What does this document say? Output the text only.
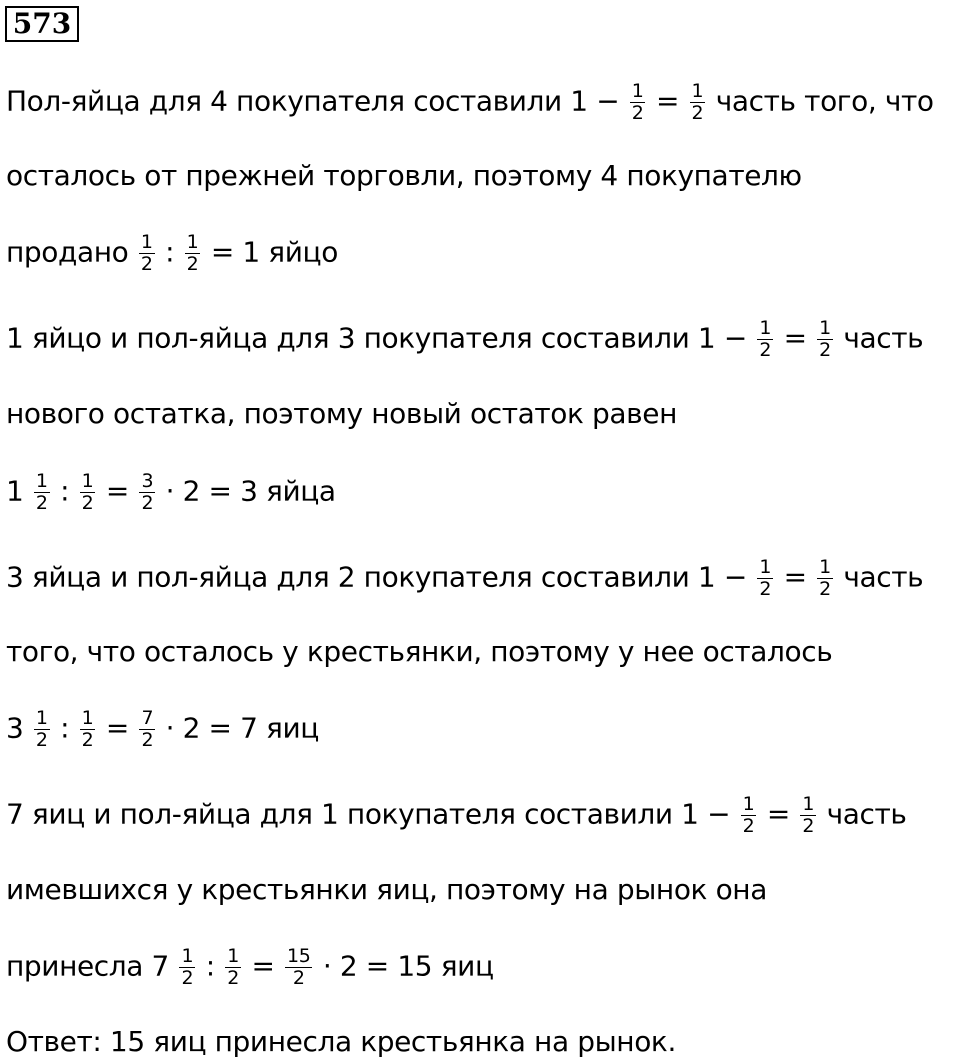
573
Пол-яйца для 4 покупателя составили $1 - \frac{1}{2} = \frac{1}{2}$ часть того, что
осталось от прежней торговли, поэтому 4 покупателю
продано $\frac{1}{2}$ : $\frac{1}{2} = 1$ яйцо
1 яйцо и пол-яйца для 3 покупателя составили $1 - \frac{1}{2} = \frac{1}{2}$ часть
нового остатка, поэтому новый остаток равен
$1 \frac{1}{2}$ : $\frac{1}{2} = \frac{3}{2} \cdot 2 = 3$ яйца
3 яйца и пол-яйца для 2 покупателя составили $1 - \frac{1}{2} = \frac{1}{2}$ часть
того, что осталось у крестьянки, поэтому у нее осталось
$3 \frac{1}{2}$ : $\frac{1}{2} = \frac{7}{2} \cdot 2 = 7$ яиц
7 яиц и пол-яйца для 1 покупателя составили $1 - \frac{1}{2} = \frac{1}{2}$ часть
имевшихся у крестьянки яиц, поэтому на рынок она
принесла $7 \frac{1}{2}$ : $\frac{1}{2} = \frac{15}{2} \cdot 2 = 15$ яиц
Ответ: 15 яиц принесла крестьянка на рынок.
